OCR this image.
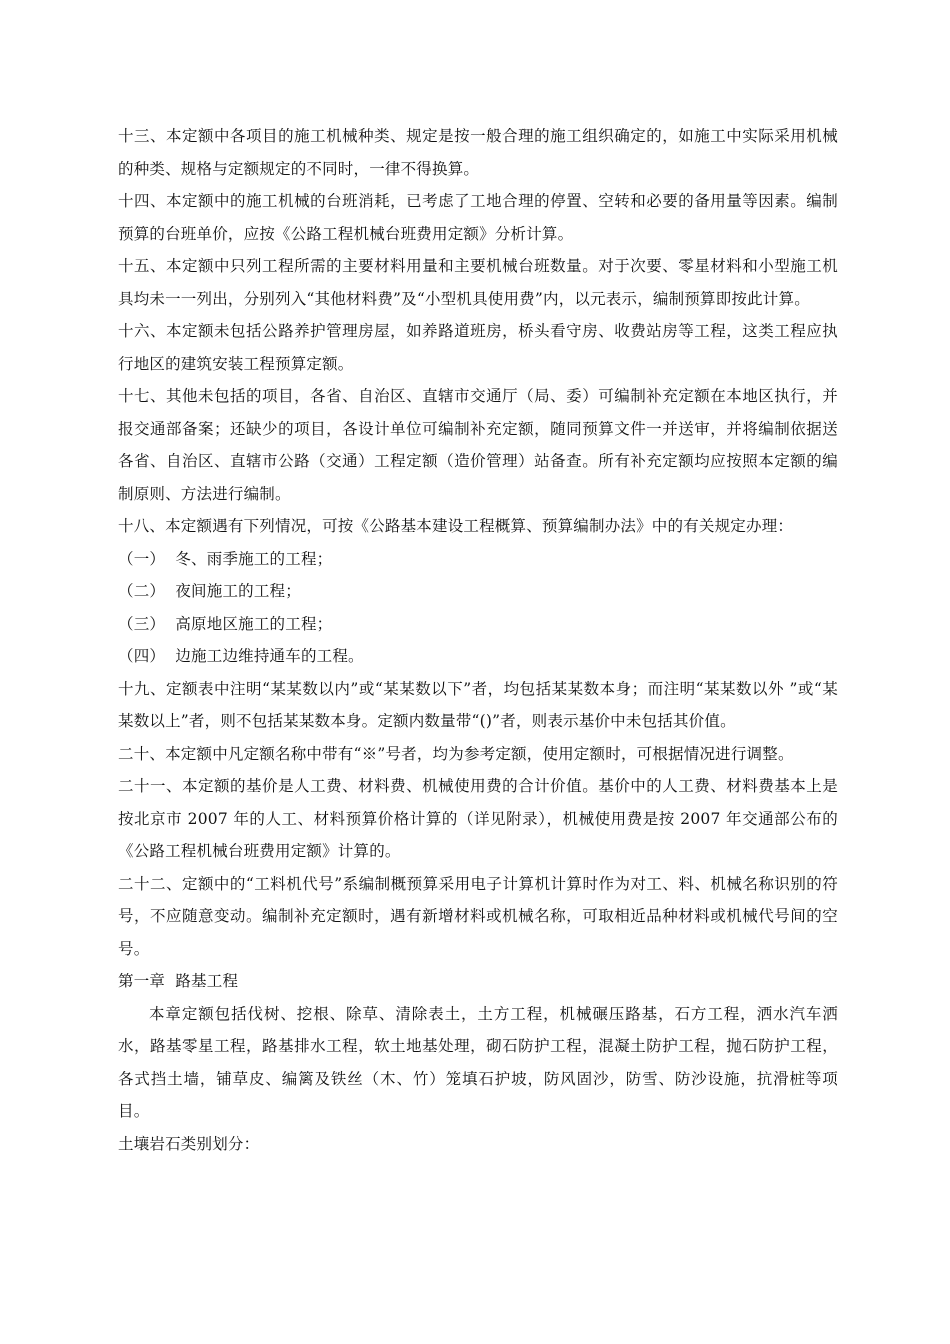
十三、本定额中各项目的施工机械种类、规定是按一般合理的施工组织确定的，如施工中实际采用机械的种类、规格与定额规定的不同时，一律不得换算。

十四、本定额中的施工机械的台班消耗，已考虑了工地合理的停置、空转和必要的备用量等因素。编制预算的台班单价，应按《公路工程机械台班费用定额》分析计算。

十五、本定额中只列工程所需的主要材料用量和主要机械台班数量。对于次要、零星材料和小型施工机具均未一一列出，分别列入“其他材料费”及“小型机具使用费”内，以元表示，编制预算即按此计算。

十六、本定额未包括公路养护管理房屋，如养路道班房，桥头看守房、收费站房等工程，这类工程应执行地区的建筑安装工程预算定额。

十七、其他未包括的项目，各省、自治区、直辖市交通厅（局、委）可编制补充定额在本地区执行，并报交通部备案；还缺少的项目，各设计单位可编制补充定额，随同预算文件一并送审，并将编制依据送各省、自治区、直辖市公路（交通）工程定额（造价管理）站备查。所有补充定额均应按照本定额的编制原则、方法进行编制。

十八、本定额遇有下列情况，可按《公路基本建设工程概算、预算编制办法》中的有关规定办理：

（一）  冬、雨季施工的工程；

（二）  夜间施工的工程；

（三）  高原地区施工的工程；

（四）  边施工边维持通车的工程。

十九、定额表中注明“某某数以内”或“某某数以下”者，均包括某某数本身；而注明“某某数以外 ”或“某某数以上”者，则不包括某某数本身。定额内数量带“()”者，则表示基价中未包括其价值。

二十、本定额中凡定额名称中带有“※”号者，均为参考定额，使用定额时，可根据情况进行调整。

二十一、本定额的基价是人工费、材料费、机械使用费的合计价值。基价中的人工费、材料费基本上是按北京市 2007 年的人工、材料预算价格计算的（详见附录），机械使用费是按 2007 年交通部公布的《公路工程机械台班费用定额》计算的。

二十二、定额中的“工料机代号”系编制概预算采用电子计算机计算时作为对工、料、机械名称识别的符号，不应随意变动。编制补充定额时，遇有新增材料或机械名称，可取相近品种材料或机械代号间的空号。

第一章  路基工程

本章定额包括伐树、挖根、除草、清除表土，土方工程，机械碾压路基，石方工程，洒水汽车洒水，路基零星工程，路基排水工程，软土地基处理，砌石防护工程，混凝土防护工程，抛石防护工程，各式挡土墙，铺草皮、编篱及铁丝（木、竹）笼填石护坡，防风固沙，防雪、防沙设施，抗滑桩等项目。

土壤岩石类别划分：
